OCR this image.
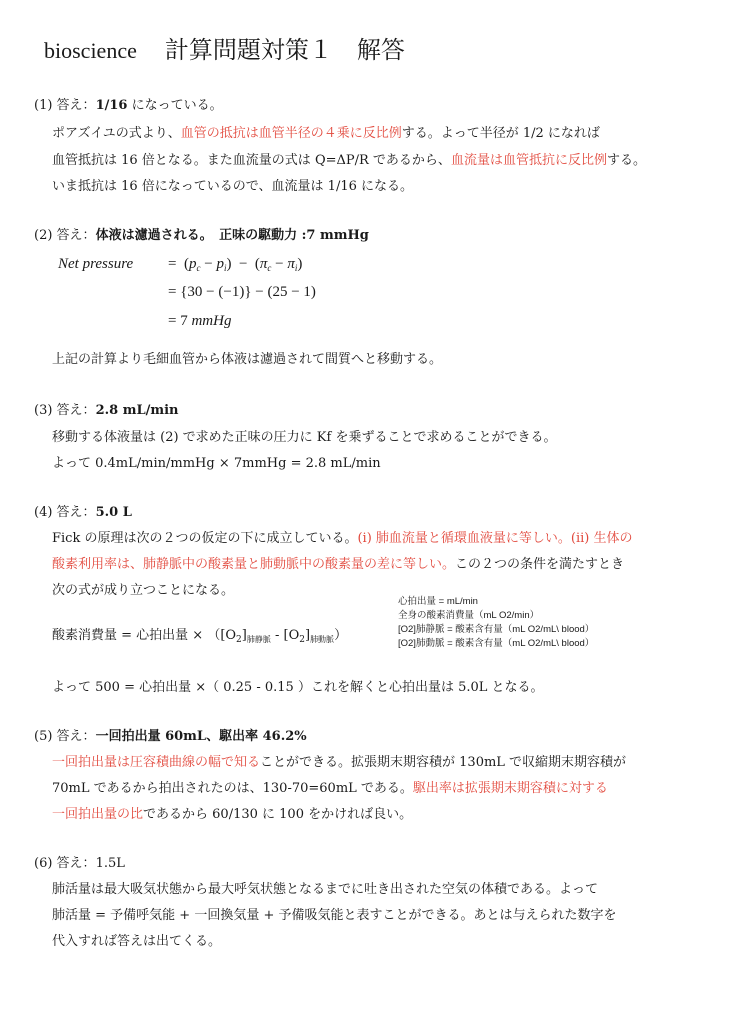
bioscience 計算問題対策１　解答
(1) 答え：1/16 になっている。
ポアズイユの式より、血管の抵抗は血管半径の４乗に反比例する。よって半径が 1/2 になれば
血管抵抗は 16 倍となる。また血流量の式は Q=ΔP/R であるから、血流量は血管抵抗に反比例する。
いま抵抗は 16 倍になっているので、血流量は 1/16 になる。
(2) 答え：体液は濾過される。　正味の駆動力 :7 mmHg
Net pressure =  $(p_c - p_i) - (\pi_c - \pi_i)$
= {30 − (−1)} − (25 − 1)
= 7 mmHg
上記の計算より毛細血管から体液は濾過されて間質へと移動する。
(3) 答え：2.8 mL/min
移動する体液量は (2) で求めた正味の圧力に Kf を乗ずることで求めることができる。
よって 0.4mL/min/mmHg × 7mmHg = 2.8 mL/min
(4) 答え：5.0 L
Fick の原理は次の２つの仮定の下に成立している。(i) 肺血流量と循環血液量に等しい。(ii) 生体の
酸素利用率は、肺静脈中の酸素量と肺動脈中の酸素量の差に等しい。この２つの条件を満たすとき
次の式が成り立つことになる。
心拍出量 = mL/min
全身の酸素消費量（mL O2/min）
[O2]肺静脈 = 酸素含有量（mL O2/mL\ blood）
[O2]肺動脈 = 酸素含有量（mL O2/mL\ blood）
酸素消費量 = 心拍出量 × $([O_2]_{肺静脈} - [O_2]_{肺動脈})$
よって 500 = 心拍出量 ×（ 0.25 - 0.15 ）これを解くと心拍出量は 5.0L となる。
(5) 答え：一回拍出量 60mL、駆出率 46.2%
一回拍出量は圧容積曲線の幅で知ることができる。拡張期末期容積が 130mL で収縮期末期容積が
70mL であるから拍出されたのは、130-70=60mL である。駆出率は拡張期末期容積に対する
一回拍出量の比であるから 60/130 に 100 をかければ良い。
(6) 答え：1.5L
肺活量は最大吸気状態から最大呼気状態となるまでに吐き出された空気の体積である。よって
肺活量 = 予備呼気能 + 一回換気量 + 予備吸気能と表すことができる。あとは与えられた数字を
代入すれば答えは出てくる。
